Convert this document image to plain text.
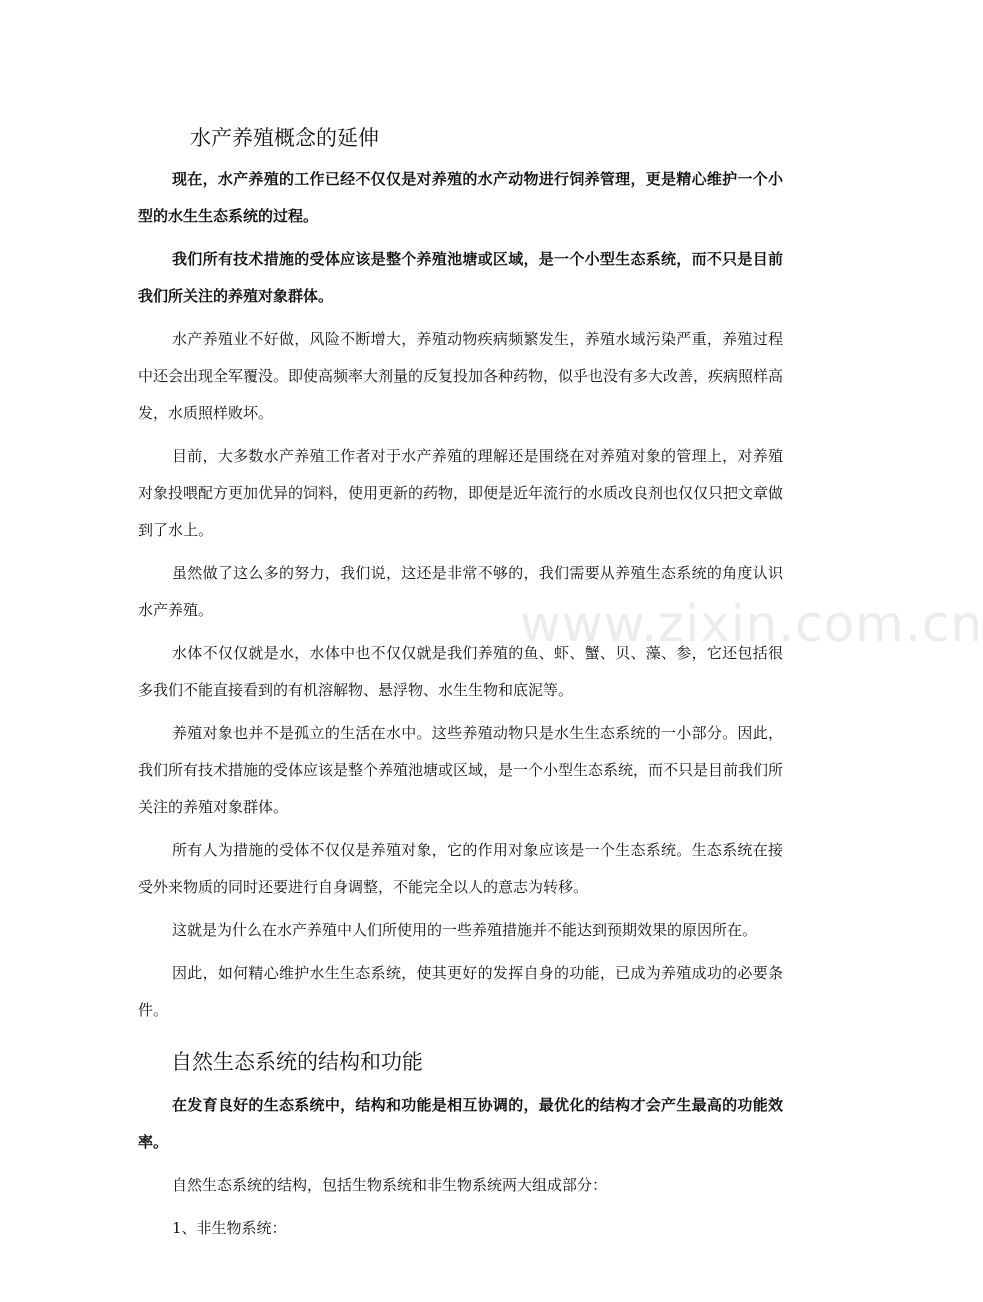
www.zixin.com.cn
水产养殖概念的延伸

现在，水产养殖的工作已经不仅仅是对养殖的水产动物进行饲养管理，更是精心维护一个小型的水生生态系统的过程。

我们所有技术措施的受体应该是整个养殖池塘或区域，是一个小型生态系统，而不只是目前我们所关注的养殖对象群体。

水产养殖业不好做，风险不断增大，养殖动物疾病频繁发生，养殖水域污染严重，养殖过程中还会出现全军覆没。即使高频率大剂量的反复投加各种药物，似乎也没有多大改善，疾病照样高发，水质照样败坏。

目前，大多数水产养殖工作者对于水产养殖的理解还是围绕在对养殖对象的管理上，对养殖对象投喂配方更加优异的饲料，使用更新的药物，即便是近年流行的水质改良剂也仅仅只把文章做到了水上。

虽然做了这么多的努力，我们说，这还是非常不够的，我们需要从养殖生态系统的角度认识水产养殖。

水体不仅仅就是水，水体中也不仅仅就是我们养殖的鱼、虾、蟹、贝、藻、参，它还包括很多我们不能直接看到的有机溶解物、悬浮物、水生生物和底泥等。

养殖对象也并不是孤立的生活在水中。这些养殖动物只是水生生态系统的一小部分。因此，我们所有技术措施的受体应该是整个养殖池塘或区域，是一个小型生态系统，而不只是目前我们所关注的养殖对象群体。

所有人为措施的受体不仅仅是养殖对象，它的作用对象应该是一个生态系统。生态系统在接受外来物质的同时还要进行自身调整，不能完全以人的意志为转移。

这就是为什么在水产养殖中人们所使用的一些养殖措施并不能达到预期效果的原因所在。

因此，如何精心维护水生生态系统，使其更好的发挥自身的功能，已成为养殖成功的必要条件。

自然生态系统的结构和功能

在发育良好的生态系统中，结构和功能是相互协调的，最优化的结构才会产生最高的功能效率。

自然生态系统的结构，包括生物系统和非生物系统两大组成部分：

1、非生物系统：
